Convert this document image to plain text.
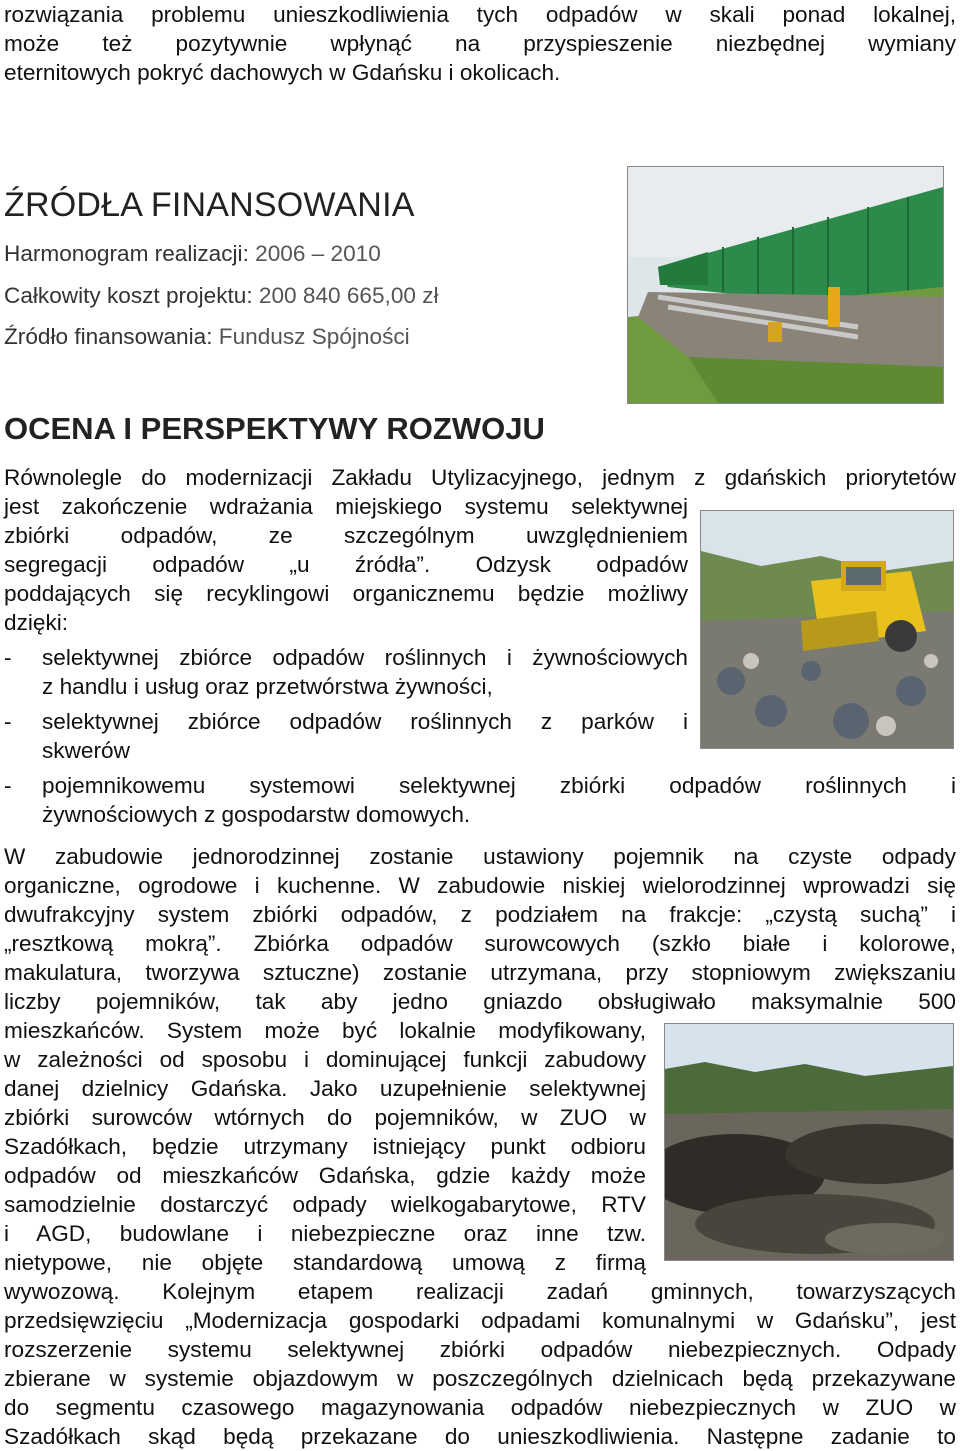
rozwiązania problemu unieszkodliwienia tych odpadów w skali ponad lokalnej,
może też pozytywnie wpłynąć na przyspieszenie niezbędnej wymiany
eternitowych pokryć dachowych w Gdańsku i okolicach.
ŹRÓDŁA FINANSOWANIA
Harmonogram realizacji: 2006 – 2010
Całkowity koszt projektu: 200 840 665,00 zł
Źródło finansowania: Fundusz Spójności
OCENA I PERSPEKTYWY ROZWOJU
Równolegle do modernizacji Zakładu Utylizacyjnego, jednym z gdańskich priorytetów
jest zakończenie wdrażania miejskiego systemu selektywnej
zbiórki odpadów, ze szczególnym uwzględnieniem
segregacji odpadów „u źródła”. Odzysk odpadów
poddających się recyklingowi organicznemu będzie możliwy
dzięki:
- selektywnej zbiórce odpadów roślinnych i żywnościowych
z handlu i usług oraz przetwórstwa żywności,
- selektywnej zbiórce odpadów roślinnych z parków i
skwerów
- pojemnikowemu systemowi selektywnej zbiórki odpadów roślinnych i
żywnościowych z gospodarstw domowych.
W zabudowie jednorodzinnej zostanie ustawiony pojemnik na czyste odpady
organiczne, ogrodowe i kuchenne. W zabudowie niskiej wielorodzinnej wprowadzi się
dwufrakcyjny system zbiórki odpadów, z podziałem na frakcje: „czystą suchą” i
„resztkową mokrą”. Zbiórka odpadów surowcowych (szkło białe i kolorowe,
makulatura, tworzywa sztuczne) zostanie utrzymana, przy stopniowym zwiększaniu
liczby pojemników, tak aby jedno gniazdo obsługiwało maksymalnie 500
mieszkańców. System może być lokalnie modyfikowany,
w zależności od sposobu i dominującej funkcji zabudowy
danej dzielnicy Gdańska. Jako uzupełnienie selektywnej
zbiórki surowców wtórnych do pojemników, w ZUO w
Szadółkach, będzie utrzymany istniejący punkt odbioru
odpadów od mieszkańców Gdańska, gdzie każdy może
samodzielnie dostarczyć odpady wielkogabarytowe, RTV
i AGD, budowlane i niebezpieczne oraz inne tzw.
nietypowe, nie objęte standardową umową z firmą
wywozową. Kolejnym etapem realizacji zadań gminnych, towarzyszących
przedsięwzięciu „Modernizacja gospodarki odpadami komunalnymi w Gdańsku”, jest
rozszerzenie systemu selektywnej zbiórki odpadów niebezpiecznych. Odpady
zbierane w systemie objazdowym w poszczególnych dzielnicach będą przekazywane
do segmentu czasowego magazynowania odpadów niebezpiecznych w ZUO w
Szadółkach skąd będą przekazane do unieszkodliwienia. Następne zadanie to
